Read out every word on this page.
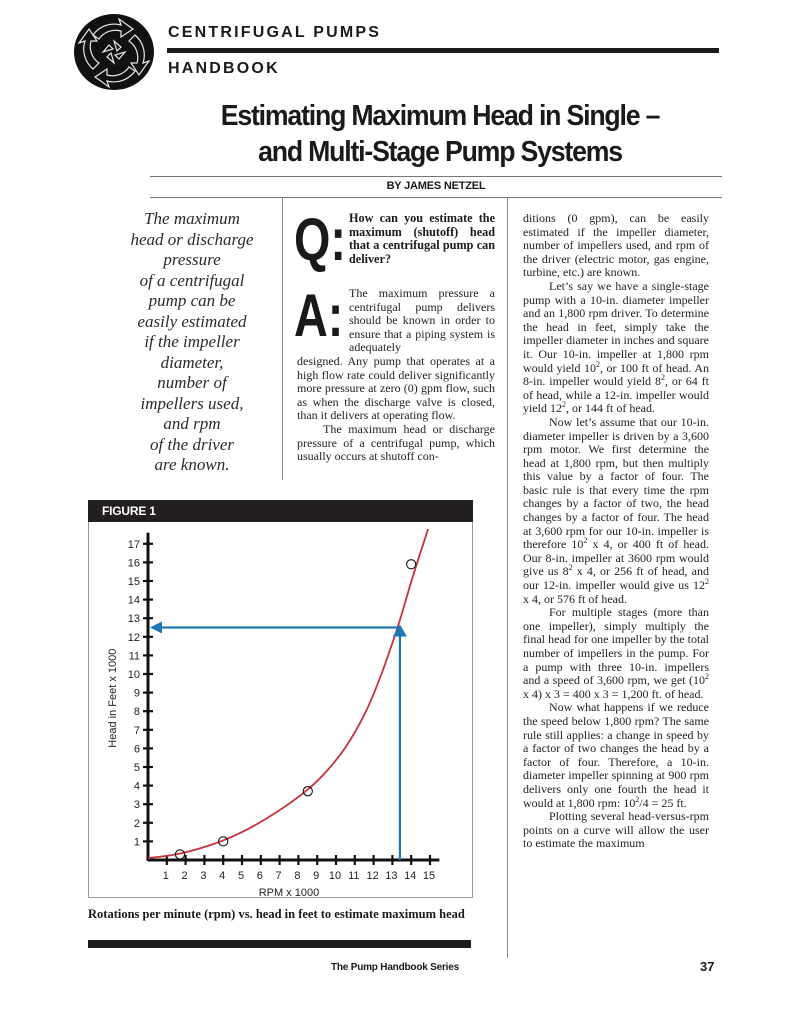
CENTRIFUGAL PUMPS
HANDBOOK
Estimating Maximum Head in Single –
and Multi-Stage Pump Systems
BY JAMES NETZEL
The maximum
head or discharge
pressure
of a centrifugal
pump can be
easily estimated
if the impeller
diameter,
number of
impellers used,
and rpm
of the driver
are known.
Q: How can you estimate the maximum (shutoff) head that a centrifugal pump can deliver?
A: The maximum pressure a centrifugal pump delivers should be known in order to ensure that a piping system is adequately

designed. Any pump that operates at a high flow rate could deliver significantly more pressure at zero (0) gpm flow, such as when the discharge valve is closed, than it delivers at operating flow.

The maximum head or discharge pressure of a centrifugal pump, which usually occurs at shutoff con-

ditions (0 gpm), can be easily estimated if the impeller diameter, number of impellers used, and rpm of the driver (electric motor, gas engine, turbine, etc.) are known.

Let’s say we have a single-stage pump with a 10-in. diameter impeller and an 1,800 rpm driver. To determine the head in feet, simply take the impeller diameter in inches and square it. Our 10-in. impeller at 1,800 rpm would yield $10^2$, or 100 ft of head. An 8-in. impeller would yield $8^2$, or 64 ft of head, while a 12-in. impeller would yield $12^2$, or 144 ft of head.

Now let’s assume that our 10-in. diameter impeller is driven by a 3,600 rpm motor. We first determine the head at 1,800 rpm, but then multiply this value by a factor of four. The basic rule is that every time the rpm changes by a factor of two, the head changes by a factor of four. The head at 3,600 rpm for our 10-in. impeller is therefore $10^2$ x 4, or 400 ft of head. Our 8-in. impeller at 3600 rpm would give us $8^2$ x 4, or 256 ft of head, and our 12-in. impeller would give us $12^2$ x 4, or 576 ft of head.

For multiple stages (more than one impeller), simply multiply the final head for one impeller by the total number of impellers in the pump. For a pump with three 10-in. impellers and a speed of 3,600 rpm, we get ($10^2$ x 4) x 3 = 400 x 3 = 1,200 ft. of head.

Now what happens if we reduce the speed below 1,800 rpm? The same rule still applies: a change in speed by a factor of two changes the head by a factor of four. Therefore, a 10-in. diameter impeller spinning at 900 rpm delivers only one fourth the head it would at 1,800 rpm: $10^2/4 = 25$ ft.

Plotting several head-versus-rpm points on a curve will allow the user to estimate the maximum

FIGURE 1
1 2 3 4 5 6 7 8 9 10 11 12 13 14 15
1
2
3
4
5
6
7
8
9
10
11
12
13
14
15
16
17
RPM x 1000
Head in Feet x 1000
Rotations per minute (rpm) vs. head in feet to estimate maximum head
The Pump Handbook Series	37
